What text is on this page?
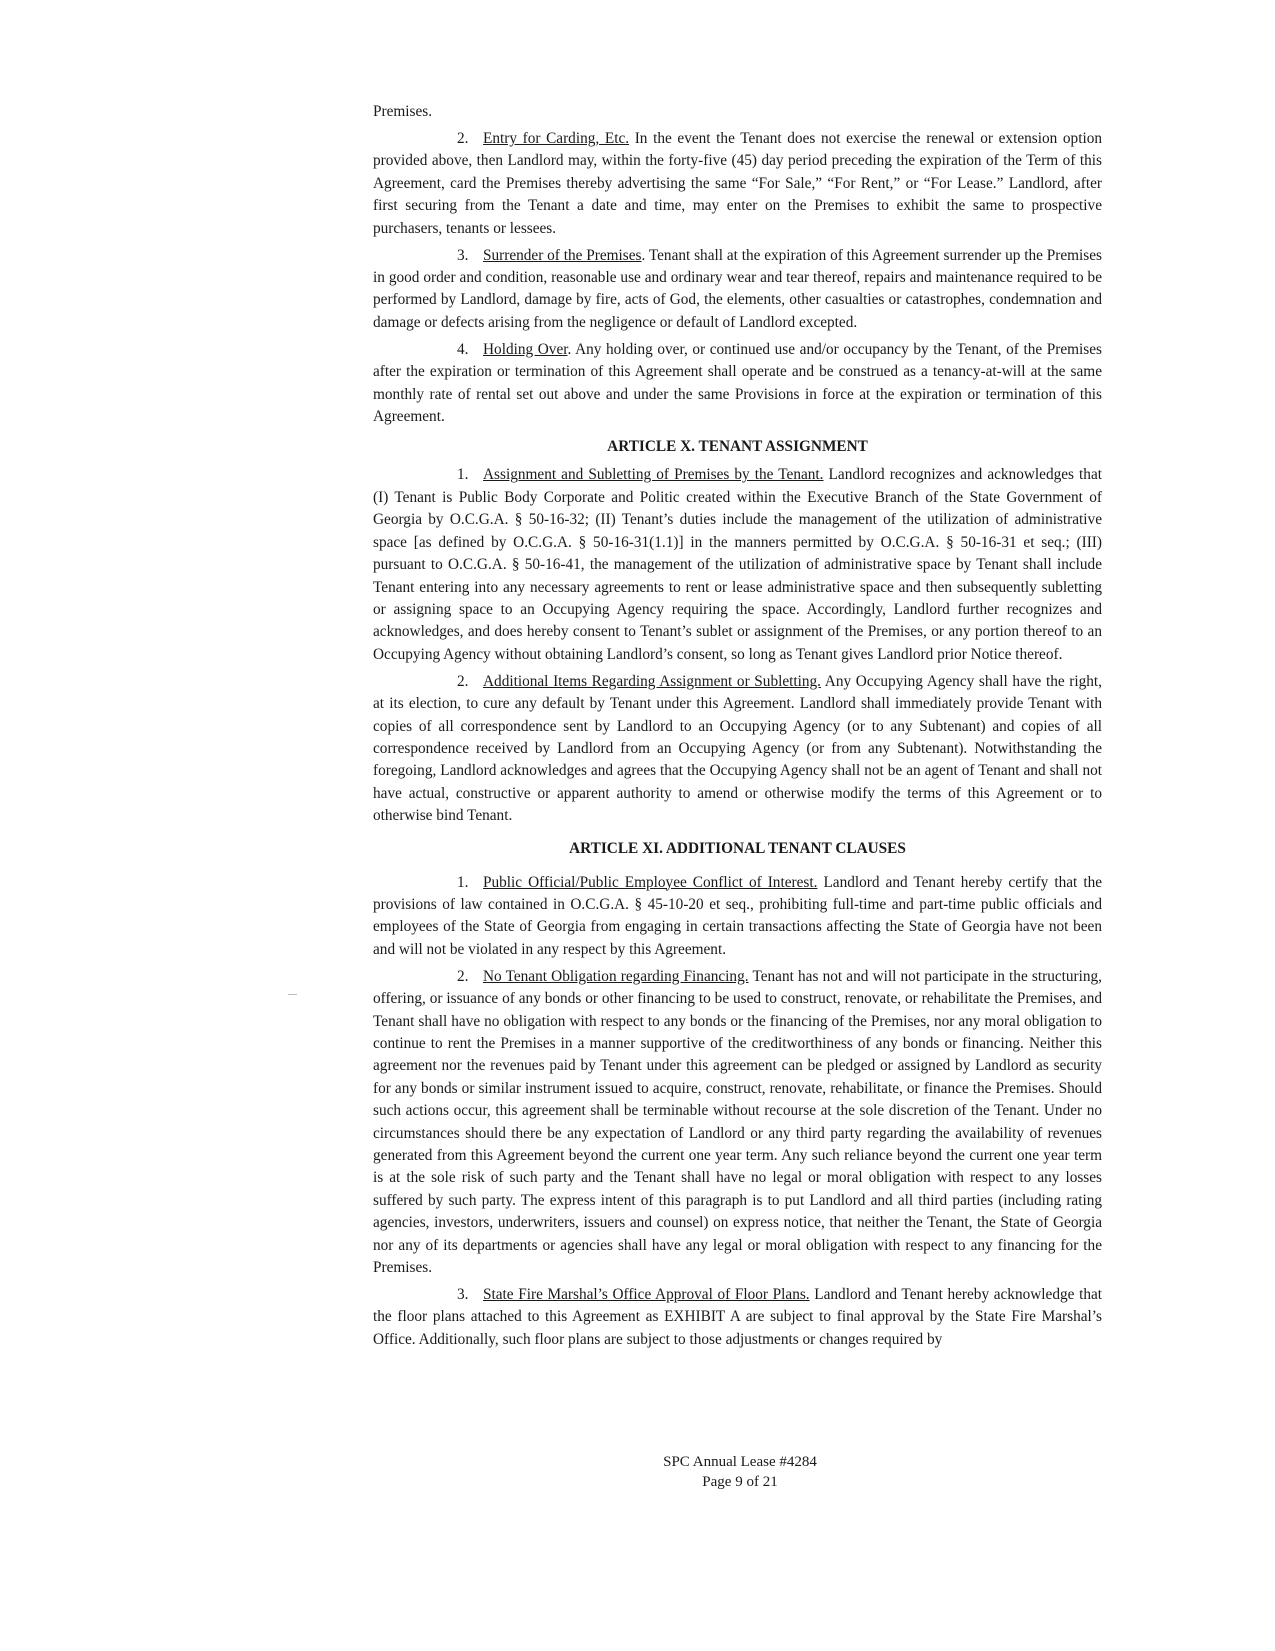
Premises.

2. Entry for Carding, Etc. In the event the Tenant does not exercise the renewal or extension option provided above, then Landlord may, within the forty-five (45) day period preceding the expiration of the Term of this Agreement, card the Premises thereby advertising the same “For Sale,” “For Rent,” or “For Lease.” Landlord, after first securing from the Tenant a date and time, may enter on the Premises to exhibit the same to prospective purchasers, tenants or lessees.

3. Surrender of the Premises. Tenant shall at the expiration of this Agreement surrender up the Premises in good order and condition, reasonable use and ordinary wear and tear thereof, repairs and maintenance required to be performed by Landlord, damage by fire, acts of God, the elements, other casualties or catastrophes, condemnation and damage or defects arising from the negligence or default of Landlord excepted.

4. Holding Over. Any holding over, or continued use and/or occupancy by the Tenant, of the Premises after the expiration or termination of this Agreement shall operate and be construed as a tenancy-at-will at the same monthly rate of rental set out above and under the same Provisions in force at the expiration or termination of this Agreement.

ARTICLE X. TENANT ASSIGNMENT

1. Assignment and Subletting of Premises by the Tenant. Landlord recognizes and acknowledges that (I) Tenant is Public Body Corporate and Politic created within the Executive Branch of the State Government of Georgia by O.C.G.A. § 50-16-32; (II) Tenant’s duties include the management of the utilization of administrative space [as defined by O.C.G.A. § 50-16-31(1.1)] in the manners permitted by O.C.G.A. § 50-16-31 et seq.; (III) pursuant to O.C.G.A. § 50-16-41, the management of the utilization of administrative space by Tenant shall include Tenant entering into any necessary agreements to rent or lease administrative space and then subsequently subletting or assigning space to an Occupying Agency requiring the space. Accordingly, Landlord further recognizes and acknowledges, and does hereby consent to Tenant’s sublet or assignment of the Premises, or any portion thereof to an Occupying Agency without obtaining Landlord’s consent, so long as Tenant gives Landlord prior Notice thereof.

2. Additional Items Regarding Assignment or Subletting. Any Occupying Agency shall have the right, at its election, to cure any default by Tenant under this Agreement. Landlord shall immediately provide Tenant with copies of all correspondence sent by Landlord to an Occupying Agency (or to any Subtenant) and copies of all correspondence received by Landlord from an Occupying Agency (or from any Subtenant). Notwithstanding the foregoing, Landlord acknowledges and agrees that the Occupying Agency shall not be an agent of Tenant and shall not have actual, constructive or apparent authority to amend or otherwise modify the terms of this Agreement or to otherwise bind Tenant.

ARTICLE XI. ADDITIONAL TENANT CLAUSES

1. Public Official/Public Employee Conflict of Interest. Landlord and Tenant hereby certify that the provisions of law contained in O.C.G.A. § 45-10-20 et seq., prohibiting full-time and part-time public officials and employees of the State of Georgia from engaging in certain transactions affecting the State of Georgia have not been and will not be violated in any respect by this Agreement.

2. No Tenant Obligation regarding Financing. Tenant has not and will not participate in the structuring, offering, or issuance of any bonds or other financing to be used to construct, renovate, or rehabilitate the Premises, and Tenant shall have no obligation with respect to any bonds or the financing of the Premises, nor any moral obligation to continue to rent the Premises in a manner supportive of the creditworthiness of any bonds or financing. Neither this agreement nor the revenues paid by Tenant under this agreement can be pledged or assigned by Landlord as security for any bonds or similar instrument issued to acquire, construct, renovate, rehabilitate, or finance the Premises. Should such actions occur, this agreement shall be terminable without recourse at the sole discretion of the Tenant. Under no circumstances should there be any expectation of Landlord or any third party regarding the availability of revenues generated from this Agreement beyond the current one year term. Any such reliance beyond the current one year term is at the sole risk of such party and the Tenant shall have no legal or moral obligation with respect to any losses suffered by such party. The express intent of this paragraph is to put Landlord and all third parties (including rating agencies, investors, underwriters, issuers and counsel) on express notice, that neither the Tenant, the State of Georgia nor any of its departments or agencies shall have any legal or moral obligation with respect to any financing for the Premises.

3. State Fire Marshal’s Office Approval of Floor Plans. Landlord and Tenant hereby acknowledge that the floor plans attached to this Agreement as EXHIBIT A are subject to final approval by the State Fire Marshal’s Office. Additionally, such floor plans are subject to those adjustments or changes required by

SPC Annual Lease #4284
Page 9 of 21
